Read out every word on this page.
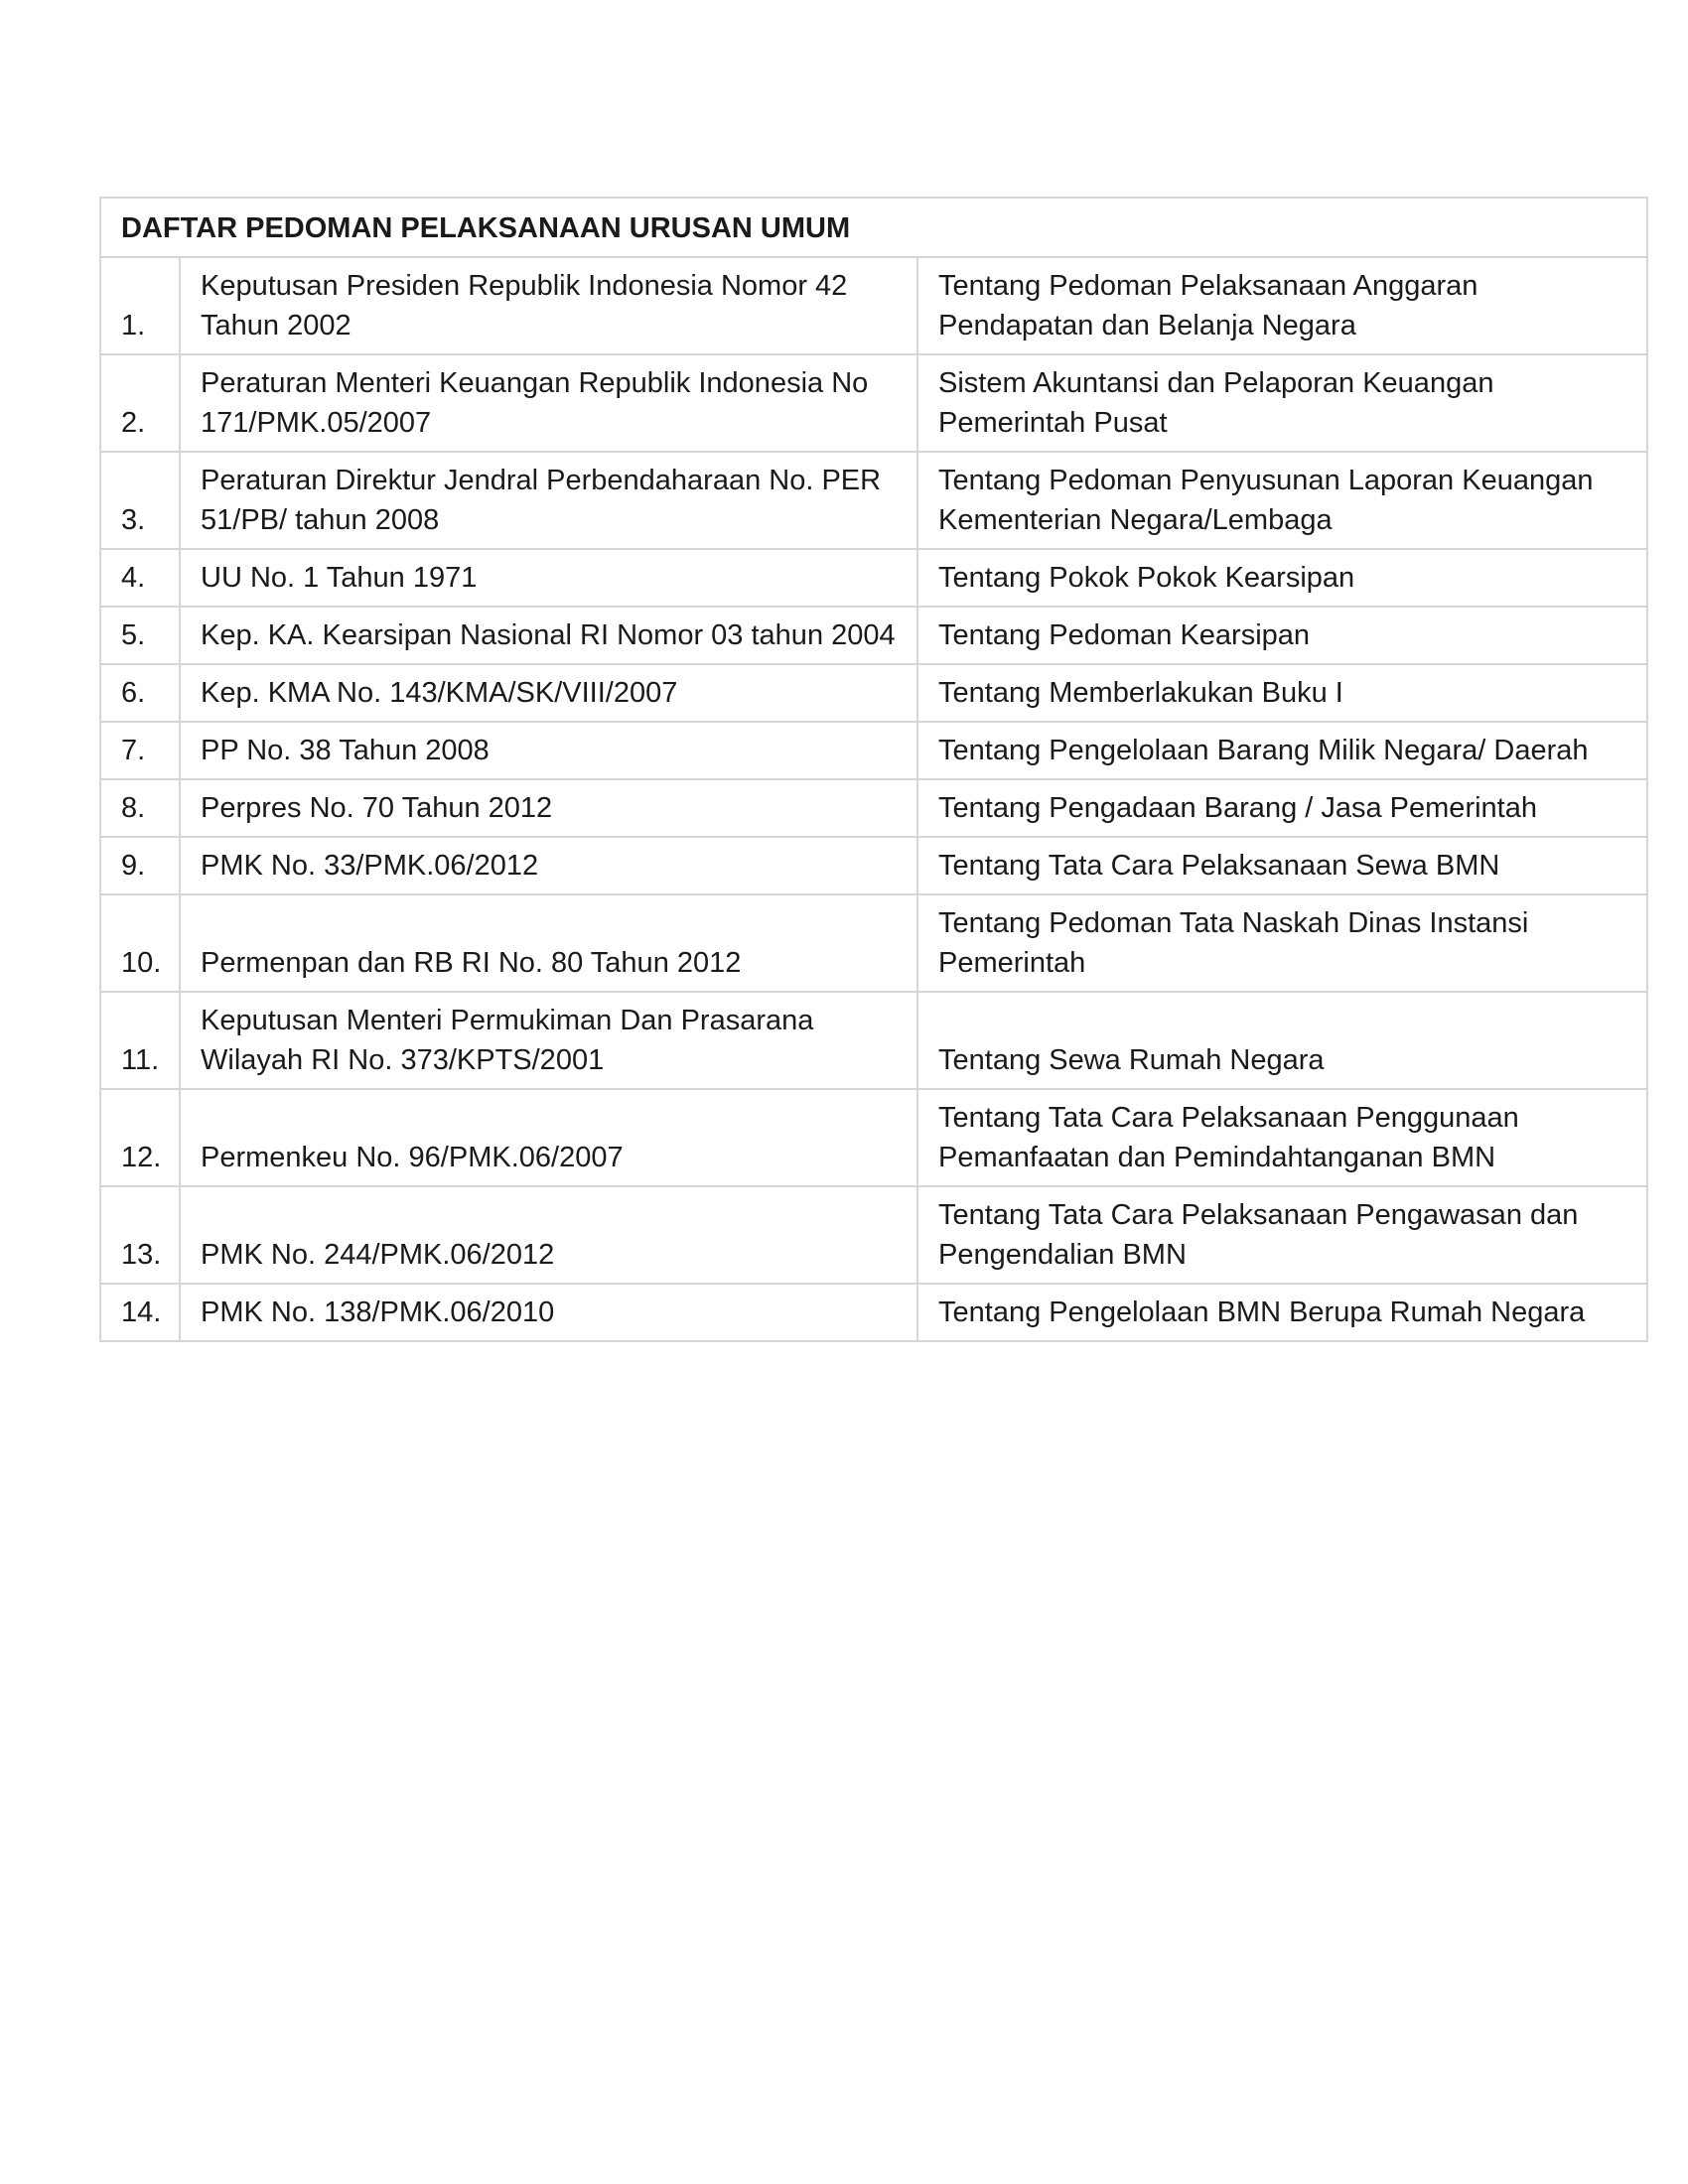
DAFTAR PEDOMAN PELAKSANAAN URUSAN UMUM		
1.	Keputusan Presiden Republik Indonesia Nomor 42 Tahun 2002	Tentang Pedoman Pelaksanaan Anggaran Pendapatan dan Belanja Negara
2.	Peraturan Menteri Keuangan Republik Indonesia No 171/PMK.05/2007	Sistem Akuntansi dan Pelaporan Keuangan Pemerintah Pusat
3.	Peraturan Direktur Jendral Perbendaharaan No. PER 51/PB/ tahun 2008	Tentang Pedoman Penyusunan Laporan Keuangan Kementerian Negara/Lembaga
4.	UU No. 1 Tahun 1971	Tentang Pokok Pokok Kearsipan
5.	Kep. KA. Kearsipan Nasional RI Nomor 03 tahun 2004	Tentang Pedoman Kearsipan
6.	Kep. KMA No. 143/KMA/SK/VIII/2007	Tentang Memberlakukan Buku I
7.	PP No. 38 Tahun 2008	Tentang Pengelolaan Barang Milik Negara/ Daerah
8.	Perpres No. 70 Tahun 2012	Tentang Pengadaan Barang / Jasa Pemerintah
9.	PMK No. 33/PMK.06/2012	Tentang Tata Cara Pelaksanaan Sewa BMN
10.	Permenpan dan RB RI No. 80 Tahun 2012	Tentang Pedoman Tata Naskah Dinas Instansi Pemerintah
11.	Keputusan Menteri Permukiman Dan Prasarana Wilayah RI No. 373/KPTS/2001	Tentang Sewa Rumah Negara
12.	Permenkeu No. 96/PMK.06/2007	Tentang Tata Cara Pelaksanaan Penggunaan Pemanfaatan dan Pemindahtanganan BMN
13.	PMK No. 244/PMK.06/2012	Tentang Tata Cara Pelaksanaan Pengawasan dan Pengendalian BMN
14.	PMK No. 138/PMK.06/2010	Tentang Pengelolaan BMN Berupa Rumah Negara
